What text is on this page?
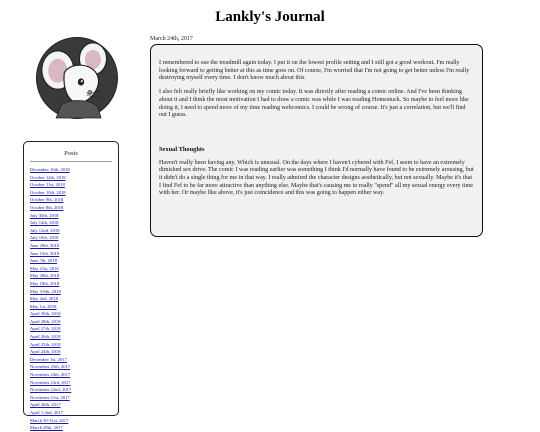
Lankly's Journal
Posts
December 16th, 2018
October 14th, 2018
October 11st, 2018
October 10th, 2018
October 9th, 2018
October 8th, 2018
July 30th, 2018
July 14th, 2018
July 12nd, 2018
July 10th, 2018
June 29th, 2018
June 15th, 2018
June 7th, 2018
May 21st, 2018
May 20th, 2018
May 18th, 2018
May 3-6th, 2018
May 2nd, 2018
May 1st, 2018
April 30th, 2018
April 28th, 2018
April 27th, 2018
April 26th, 2018
April 25th, 2018
April 24th, 2018
December 1st, 2017
November 25th, 2017
November 24th, 2017
November 23rd, 2017
November 22nd, 2017
November 21st, 2017
April 26th, 2017
April 1-2nd, 2017
March 29-31st, 2017
March 28th, 2017
March 24th, 2017

I remembered to use the treadmill again today. I put it on the lowest profile setting and I still got a good workout. I'm really looking forward to getting better at this as time goes on. Of course, I'm worried that I'm not going to get better unless I'm really destroying myself every time. I don't know much about this.

I also felt really briefly like working on my comic today. It was directly after reading a comic online. And I've been thinking about it and I think the most motivation I had to draw a comic was while I was reading Homestuck. So maybe to feel more like doing it, I need to spend more of my time reading webcomics. I could be wrong of course. It's just a correlation, but we'll find out I guess.

Sexual Thoughts

Haven't really been having any. Which is unusual. On the days where I haven't cybered with Fef, I seem to have an extremely dimished sex drive. The comic I was reading earlier was something I think I'd normally have found to be extremely arousing, but it didn't do a single thing for me in that way. I really admired the character designs aesthetically, but not sexually. Maybe it's that I find Fef to be far more attractive than anything else. Maybe that's causing me to really "spend" all my sexual energy every time with her. Or maybe like above, it's just coincidence and this was going to happen either way.
